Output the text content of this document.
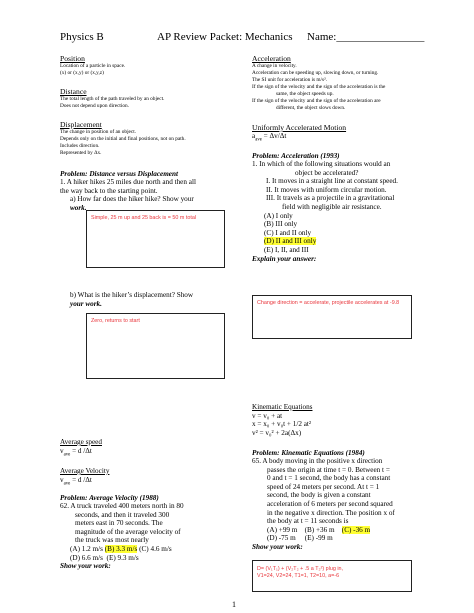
Physics B	AP Review Packet: Mechanics Name:________________
Position
Location of a particle in space.
(x) or (x,y) or (x,y,z)
Distance
The total length of the path traveled by an object.
Does not depend upon direction.
Displacement
The change in position of an object.
Depends only on the initial and final positions, not on path.
Includes direction.
Represented by Δx.
Problem: Distance versus Displacement
1. A hiker hikes 25 miles due north and then all
the way back to the starting point.
a) How far does the hiker hike? Show your
work.
Simple, 25 m up and 25 back is = 50 m total
b) What is the hiker’s displacement? Show
your work.
Zero, returns to start
Average speed
$v_{ave} = d$ /Δt
Average Velocity
$v_{ave} = d$ /Δt
Problem: Average Velocity (1988)
62. A truck traveled 400 meters north in 80
seconds, and then it traveled 300
meters east in 70 seconds. The
magnitude of the average velocity of
the truck was most nearly
(A) 1.2 m/s (B) 3.3 m/s (C) 4.6 m/s
(D) 6.6 m/s (E) 9.3 m/s
Show your work:
Acceleration
A change in velocity.
Acceleration can be speeding up, slowing down, or turning.
The SI unit for acceleration is m/s².
If the sign of the velocity and the sign of the acceleration is the
same, the object speeds up.
If the sign of the velocity and the sign of the acceleration are
different, the object slows down.
Uniformly Accelerated Motion
$a_{ave} = \Delta v/\Delta t$
Problem: Acceleration (1993)
1. In which of the following situations would an
object be accelerated?
I. It moves in a straight line at constant speed.
II. It moves with uniform circular motion.
III. It travels as a projectile in a gravitational
field with negligible air resistance.
(A) I only
(B) III only
(C) I and II only
(D) II and III only
(E) I, II, and III
Explain your answer:
Change direction = accelerate, projectile accelerates at -9.8
Kinematic Equations
v = v₀ + at
x = x₀ + v₀t + 1/2 at²
v² = v₀² + 2a(Δx)
Problem: Kinematic Equations (1984)
65. A body moving in the positive x direction
passes the origin at time t = 0. Between t =
0 and t = 1 second, the body has a constant
speed of 24 meters per second. At t = 1
second, the body is given a constant
acceleration of 6 meters per second squared
in the negative x direction. The position x of
the body at t = 11 seconds is
(A) +99 m (B) +36 m (C) -36 m
(D) -75 m (E) -99 m
Show your work:
D= (V₁T₁) + (V₂T₂ + .5 a T₂²) plug in,
V1=24, V2=24, T1=1, T2=10, a=-6
1
